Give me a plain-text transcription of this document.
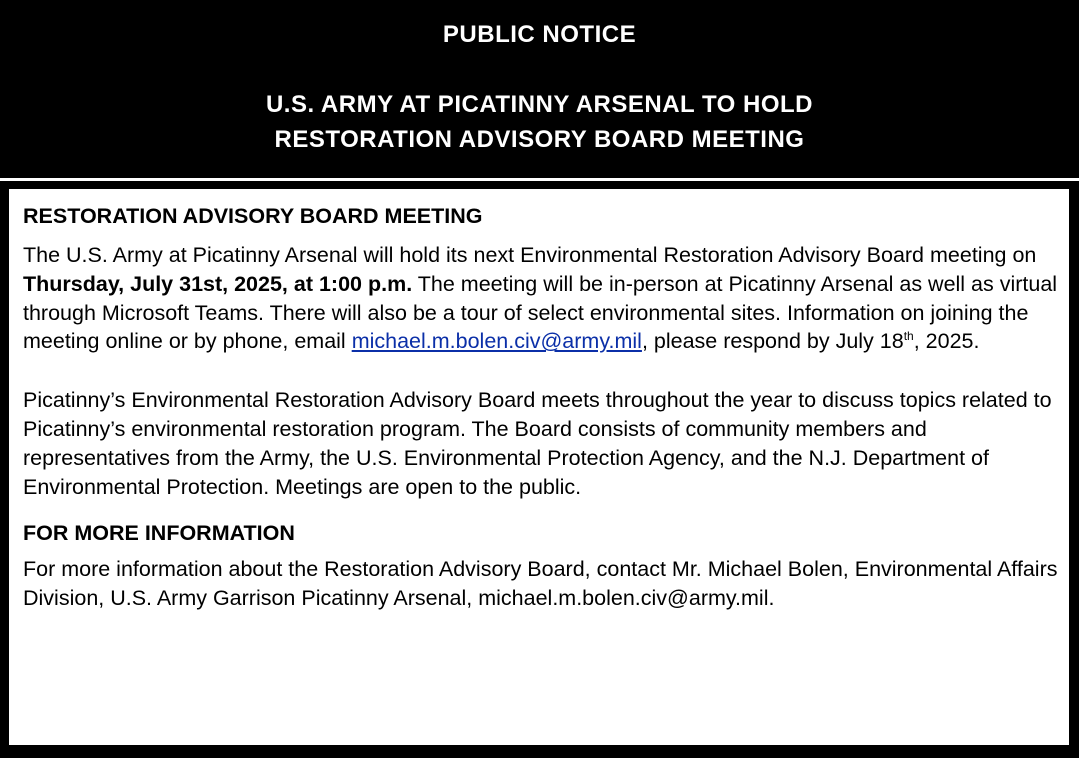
PUBLIC NOTICE
U.S. ARMY AT PICATINNY ARSENAL TO HOLD
RESTORATION ADVISORY BOARD MEETING
RESTORATION ADVISORY BOARD MEETING

The U.S. Army at Picatinny Arsenal will hold its next Environmental Restoration Advisory Board meeting on Thursday, July 31st, 2025, at 1:00 p.m. The meeting will be in-person at Picatinny Arsenal as well as virtual through Microsoft Teams. There will also be a tour of select environmental sites. Information on joining the meeting online or by phone, email michael.m.bolen.civ@army.mil, please respond by July 18th, 2025.

Picatinny’s Environmental Restoration Advisory Board meets throughout the year to discuss topics related to Picatinny’s environmental restoration program. The Board consists of community members and representatives from the Army, the U.S. Environmental Protection Agency, and the N.J. Department of Environmental Protection. Meetings are open to the public.

FOR MORE INFORMATION

For more information about the Restoration Advisory Board, contact Mr. Michael Bolen, Environmental Affairs Division, U.S. Army Garrison Picatinny Arsenal, michael.m.bolen.civ@army.mil.
